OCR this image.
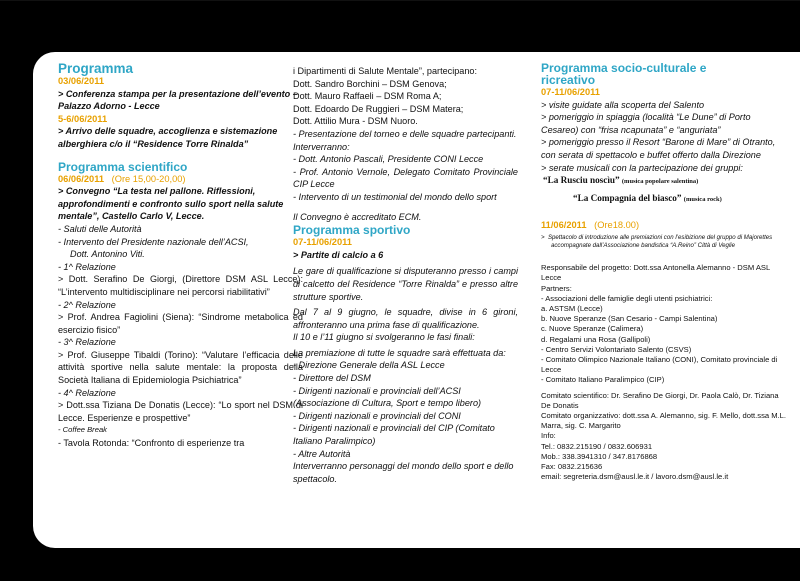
Programma
03/06/2011

> Conferenza stampa per la presentazione dell’evento – Palazzo Adorno - Lecce

5-6/06/2011

> Arrivo delle squadre, accoglienza e sistemazione alberghiera c/o il “Residence Torre Rinalda”

Programma scientifico
06/06/2011 (Ore 15,00-20,00)

> Convegno “La testa nel pallone. Riflessioni, approfondimenti e confronto sullo sport nella salute mentale”, Castello Carlo V, Lecce.

- Saluti delle Autorità

- Intervento del Presidente nazionale dell’ACSI,

Dott. Antonino Viti.

- 1^ Relazione

> Dott. Serafino De Giorgi, (Direttore DSM ASL Lecce): “L’intervento multidisciplinare nei percorsi riabilitativi”

- 2^ Relazione

> Prof. Andrea Fagiolini (Siena): “Sindrome metabolica ed esercizio fisico”

- 3^ Relazione

> Prof. Giuseppe Tibaldi (Torino): “Valutare l’efficacia delle attività sportive nella salute mentale: la proposta della Società Italiana di Epidemiologia Psichiatrica”

- 4^ Relazione

> Dott.ssa Tiziana De Donatis (Lecce): “Lo sport nel DSM di Lecce. Esperienze e prospettive”

- Coffee Break

- Tavola Rotonda: “Confronto di esperienze tra

i Dipartimenti di Salute Mentale”, partecipano:

Dott. Sandro Borchini – DSM Genova;

Dott. Mauro Raffaeli – DSM Roma A;

Dott. Edoardo De Ruggieri – DSM Matera;

Dott. Attilio Mura - DSM Nuoro.

- Presentazione del torneo e delle squadre partecipanti.

Interverranno:

- Dott. Antonio Pascali, Presidente CONI Lecce

- Prof. Antonio Vernole, Delegato Comitato Provinciale CIP Lecce

- Intervento di un testimonial del mondo dello sport

Il Convegno è accreditato ECM.

Programma sportivo
07-11/06/2011

> Partite di calcio a 6

Le gare di qualificazione si disputeranno presso i campi di calcetto del Residence “Torre Rinalda” e presso altre strutture sportive.

Dal 7 al 9 giugno, le squadre, divise in 6 gironi, affronteranno una prima fase di qualificazione.

Il 10 e l’11 giugno si svolgeranno le fasi finali:

La premiazione di tutte le squadre sarà effettuata da:

- Direzione Generale della ASL Lecce

- Direttore del DSM

- Dirigenti nazionali e provinciali dell’ACSI (Associazione di Cultura, Sport e tempo libero)

- Dirigenti nazionali e provinciali del CONI

- Dirigenti nazionali e provinciali del CIP (Comitato Italiano Paralimpico)

- Altre Autorità

Interverranno personaggi del mondo dello sport e dello spettacolo.

Programma socio-culturale e
ricreativo
07-11/06/2011

> visite guidate alla scoperta del Salento

> pomeriggio in spiaggia (località “Le Dune” di Porto Cesareo) con “frisa ncapunata” e “anguriata”

> pomeriggio presso il Resort “Barone di Mare” di Otranto, con serata di spettacolo e buffet offerto dalla Direzione

> serate musicali con la partecipazione dei gruppi:

“La Rusciu noscìu” (musica popolare salentina)

“La Compagnia del biasco” (musica rock)

11/06/2011 (Ore18.00)

>  Spettacolo di introduzione alle premiazioni con l’esibizione del gruppo di Majorettes accompagnate dall’Associazione bandistica “A.Reino” Città di Veglie

Responsabile del progetto: Dott.ssa Antonella Alemanno - DSM ASL Lecce

Partners:

- Associazioni delle famiglie degli utenti psichiatrici:

a. ASTSM (Lecce)

b. Nuove Speranze (San Cesario - Campi Salentina)

c. Nuove Speranze (Calimera)

d. Regalami una Rosa (Gallipoli)

- Centro Servizi Volontariato Salento (CSVS)

- Comitato Olimpico Nazionale Italiano (CONI), Comitato provinciale di Lecce

- Comitato Italiano Paralimpico (CIP)

Comitato scientifico: Dr. Serafino De Giorgi, Dr. Paola Calò, Dr. Tiziana De Donatis

Comitato organizzativo: dott.ssa A. Alemanno, sig. F. Mello, dott.ssa M.L. Marra, sig. C. Margarito

Info:

Tel.: 0832.215190 / 0832.606931

Mob.: 338.3941310 / 347.8176868

Fax: 0832.215636

email: segreteria.dsm@ausl.le.it / lavoro.dsm@ausl.le.it
